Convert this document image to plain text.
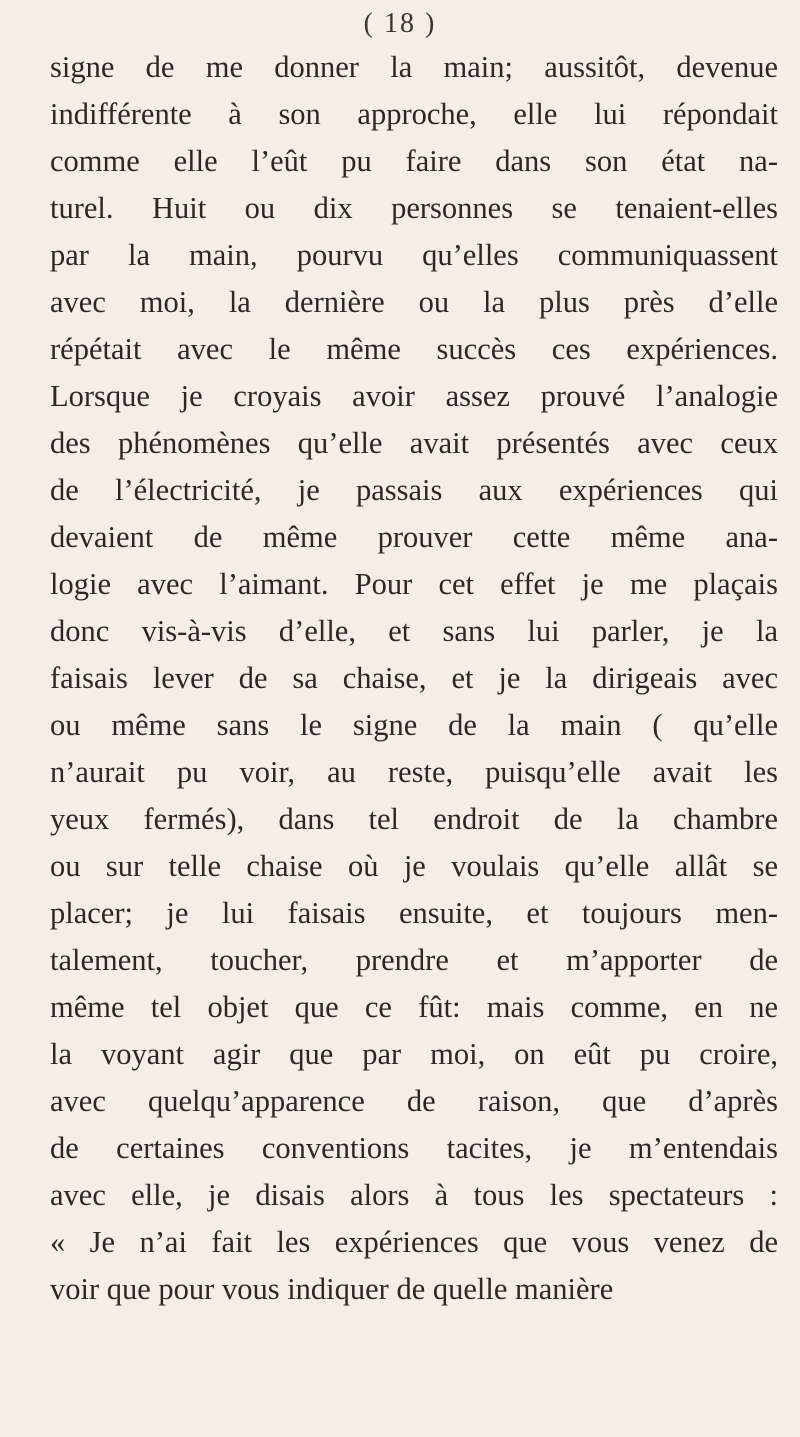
( 18 )
signe de me donner la main; aussitôt, devenue
indifférente à son approche, elle lui répondait
comme elle l’eût pu faire dans son état na-
turel. Huit ou dix personnes se tenaient-elles
par la main, pourvu qu’elles communiquassent
avec moi, la dernière ou la plus près d’elle
répétait avec le même succès ces expériences.
Lorsque je croyais avoir assez prouvé l’analogie
des phénomènes qu’elle avait présentés avec ceux
de l’électricité, je passais aux expériences qui
devaient de même prouver cette même ana-
logie avec l’aimant. Pour cet effet je me plaçais
donc vis-à-vis d’elle, et sans lui parler, je la
faisais lever de sa chaise, et je la dirigeais avec
ou même sans le signe de la main ( qu’elle
n’aurait pu voir, au reste, puisqu’elle avait les
yeux fermés), dans tel endroit de la chambre
ou sur telle chaise où je voulais qu’elle allât se
placer; je lui faisais ensuite, et toujours men-
talement, toucher, prendre et m’apporter de
même tel objet que ce fût: mais comme, en ne
la voyant agir que par moi, on eût pu croire,
avec quelqu’apparence de raison, que d’après
de certaines conventions tacites, je m’entendais
avec elle, je disais alors à tous les spectateurs :
« Je n’ai fait les expériences que vous venez de
voir que pour vous indiquer de quelle manière
